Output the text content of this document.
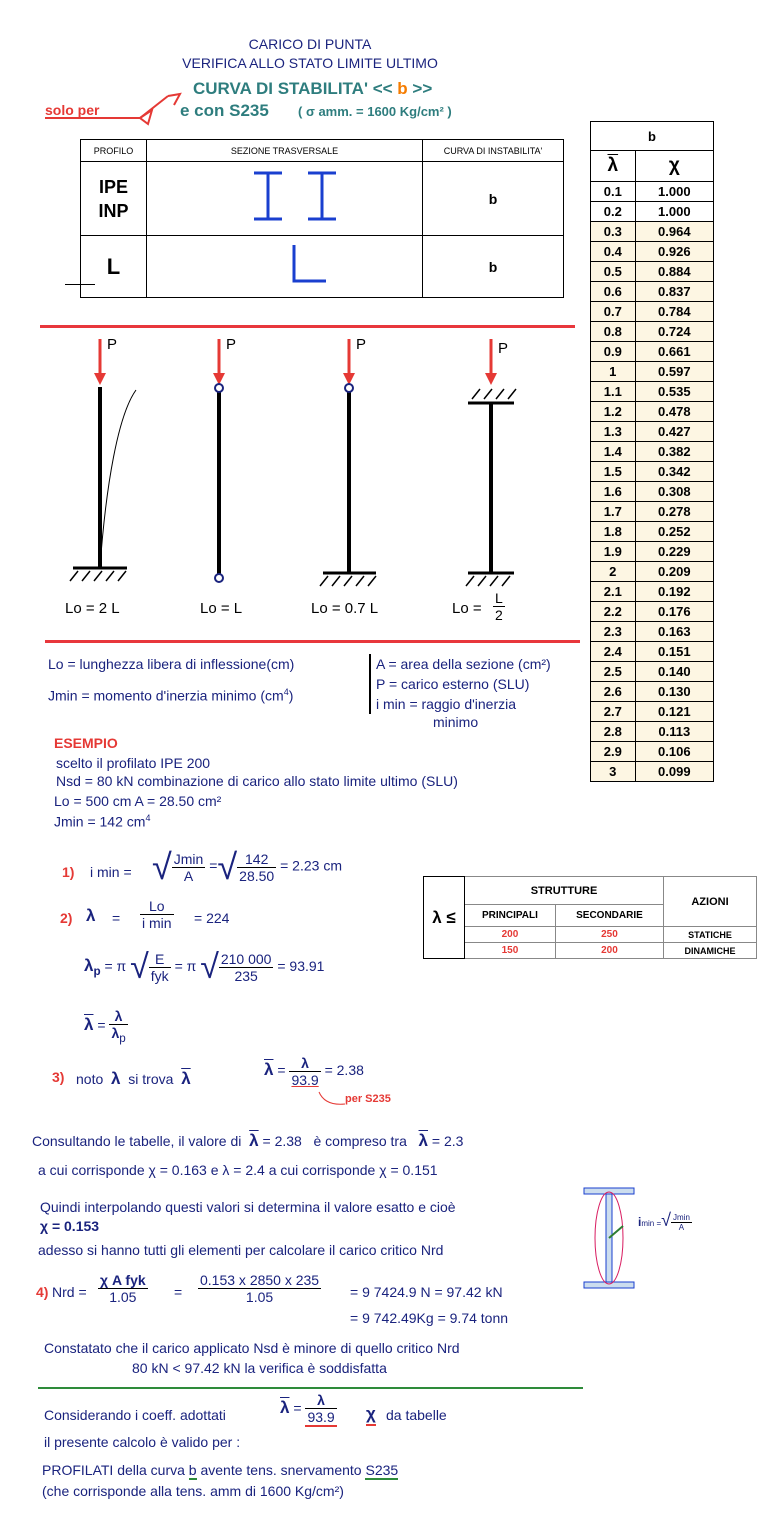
CARICO DI PUNTA
VERIFICA ALLO STATO LIMITE ULTIMO
CURVA DI STABILITA' << b >>
e con S235 ( σ amm. = 1600 Kg/cm² )
solo per
PROFILO	SEZIONE TRASVERSALE	CURVA DI INSTABILITA'
IPE
INP		b
L		b
b	
$\overline{\lambda}$	χ
0.1	1.000
0.2	1.000
0.3	0.964
0.4	0.926
0.5	0.884
0.6	0.837
0.7	0.784
0.8	0.724
0.9	0.661
1	0.597
1.1	0.535
1.2	0.478
1.3	0.427
1.4	0.382
1.5	0.342
1.6	0.308
1.7	0.278
1.8	0.252
1.9	0.229
2	0.209
2.1	0.192
2.2	0.176
2.3	0.163
2.4	0.151
2.5	0.140
2.6	0.130
2.7	0.121
2.8	0.113
2.9	0.106
3	0.099
P	P	P	P
Lo = 2 L	Lo = L	Lo = 0.7 L	$Lo = \frac{L}{2}$
Lo = lunghezza libera di inflessione(cm)
Jmin = momento d'inerzia minimo $(cm^4)$
A = area della sezione (cm²)
P = carico esterno (SLU)
i min = raggio d'inerzia
minimo
ESEMPIO
scelto il profilato IPE 200
Nsd = 80 kN combinazione di carico allo stato limite ultimo (SLU)
Lo = 500 cm A = 28.50 cm²
Jmin = 142 $cm^4$
1) i min = √ $\frac{Jmin}{A}$ =√ $\frac{142}{28.50} = 2.23$ cm
2) λ =
Lo
i min = 224
$\lambda_p = \pi$ √ $\frac{E}{\text{fyk}} = \pi$ √ $\frac{210 000}{235} = 93.91$
$\overline{\lambda} = \frac{\lambda}{\lambda_p}$
3) noto λ si trova $\overline{\lambda}$	$\overline{\lambda} = \frac{\lambda}{93.9} = 2.38$
per S235
Consultando le tabelle, il valore di $\overline{\lambda} = 2.38$ è compreso tra $\overline{\lambda} = 2.3$
a cui corrisponde χ = 0.163 e λ = 2.4 a cui corrisponde χ = 0.151
Quindi interpolando questi valori si determina il valore esatto e cioè
χ = 0.153
adesso si hanno tutti gli elementi per calcolare il carico critico Nrd
imin =√ $\frac{Jmin}{A}$
4) Nrd =
χ A fyk
1.05	= $\frac{0.153 x 2850 x 235}{1.05} = 9$ 7424.9 N = 97.42 kN
= 9 742.49Kg = 9.74 tonn
Constatato che il carico applicato Nsd è minore di quello critico Nrd
80 kN < 97.42 kN la verifica è soddisfatta
Considerando i coeff. adottati	$\overline{\lambda} = \frac{\lambda}{93.9}$ χ da tabelle
il presente calcolo è valido per :
PROFILATI della curva b avente tens. snervamento S235
(che corrisponde alla tens. amm di 1600 Kg/cm²)
λ ≤	STRUTTURE		AZIONI
	PRINCIPALI	SECONDARIE	
	200	250	STATICHE
	150	200	DINAMICHE
